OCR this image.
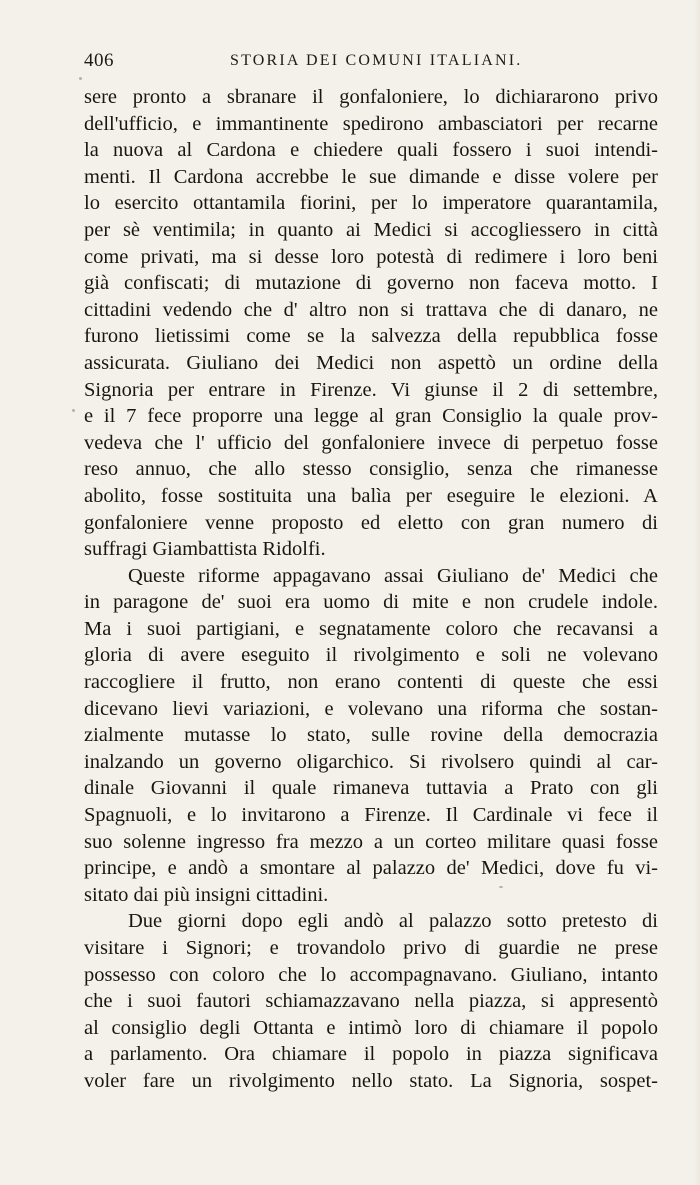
406	STORIA DEI COMUNI ITALIANI.
sere pronto a sbranare il gonfaloniere, lo dichiararono privo
dell'ufficio, e immantinente spedirono ambasciatori per recarne
la nuova al Cardona e chiedere quali fossero i suoi intendi-
menti. Il Cardona accrebbe le sue dimande e disse volere per
lo esercito ottantamila fiorini, per lo imperatore quarantamila,
per sè ventimila; in quanto ai Medici si accogliessero in città
come privati, ma si desse loro potestà di redimere i loro beni
già confiscati; di mutazione di governo non faceva motto. I
cittadini vedendo che d' altro non si trattava che di danaro, ne
furono lietissimi come se la salvezza della repubblica fosse
assicurata. Giuliano dei Medici non aspettò un ordine della
Signoria per entrare in Firenze. Vi giunse il 2 di settembre,
e il 7 fece proporre una legge al gran Consiglio la quale prov-
vedeva che l' ufficio del gonfaloniere invece di perpetuo fosse
reso annuo, che allo stesso consiglio, senza che rimanesse
abolito, fosse sostituita una balìa per eseguire le elezioni. A
gonfaloniere venne proposto ed eletto con gran numero di
suffragi Giambattista Ridolfi.
Queste riforme appagavano assai Giuliano de' Medici che
in paragone de' suoi era uomo di mite e non crudele indole.
Ma i suoi partigiani, e segnatamente coloro che recavansi a
gloria di avere eseguito il rivolgimento e soli ne volevano
raccogliere il frutto, non erano contenti di queste che essi
dicevano lievi variazioni, e volevano una riforma che sostan-
zialmente mutasse lo stato, sulle rovine della democrazia
inalzando un governo oligarchico. Si rivolsero quindi al car-
dinale Giovanni il quale rimaneva tuttavia a Prato con gli
Spagnuoli, e lo invitarono a Firenze. Il Cardinale vi fece il
suo solenne ingresso fra mezzo a un corteo militare quasi fosse
principe, e andò a smontare al palazzo de' Medici, dove fu vi-
sitato dai più insigni cittadini.
Due giorni dopo egli andò al palazzo sotto pretesto di
visitare i Signori; e trovandolo privo di guardie ne prese
possesso con coloro che lo accompagnavano. Giuliano, intanto
che i suoi fautori schiamazzavano nella piazza, si appresentò
al consiglio degli Ottanta e intimò loro di chiamare il popolo
a parlamento. Ora chiamare il popolo in piazza significava
voler fare un rivolgimento nello stato. La Signoria, sospet-
